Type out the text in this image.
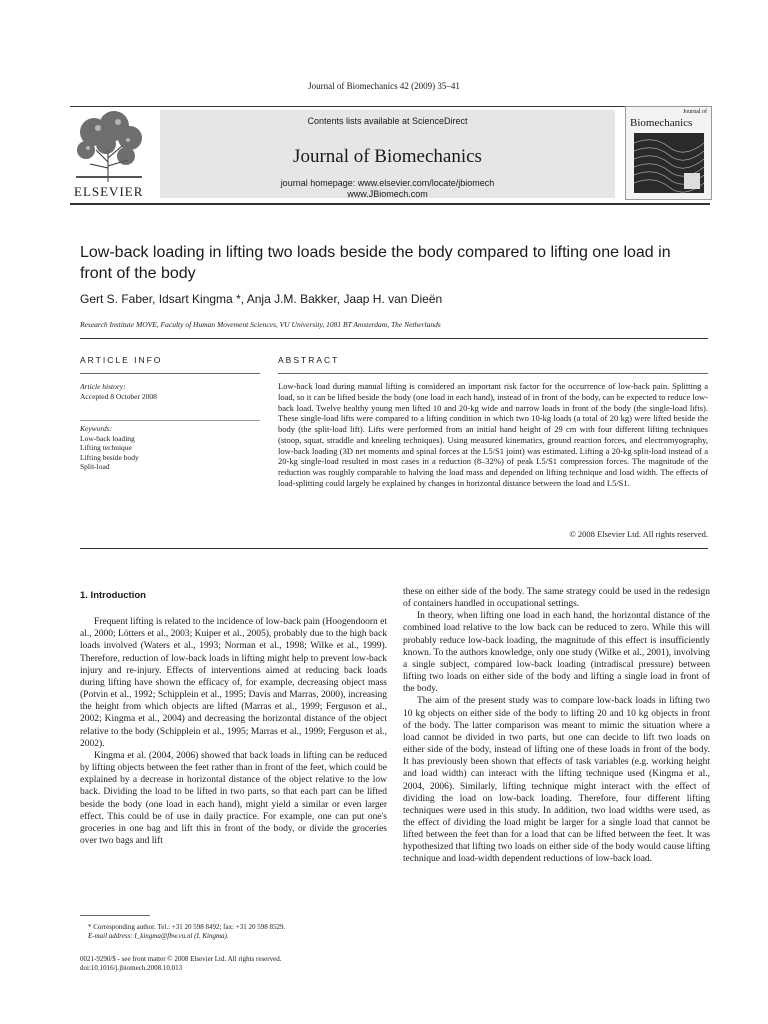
Journal of Biomechanics 42 (2009) 35–41
ELSEVIER
Contents lists available at ScienceDirect
Journal of Biomechanics
journal homepage: www.elsevier.com/locate/jbiomech
www.JBiomech.com
Journal of
Biomechanics
Low-back loading in lifting two loads beside the body compared to lifting one load in front of the body
Gert S. Faber, Idsart Kingma *, Anja J.M. Bakker, Jaap H. van Dieën
Research Institute MOVE, Faculty of Human Movement Sciences, VU University, 1081 BT Amsterdam, The Netherlands
ARTICLE INFO	ABSTRACT
Article history:
Accepted 8 October 2008
Keywords:
Low-back loading
Lifting technique
Lifting beside body
Split-load
Low-back load during manual lifting is considered an important risk factor for the occurrence of low-back pain. Splitting a load, so it can be lifted beside the body (one load in each hand), instead of in front of the body, can be expected to reduce low-back load. Twelve healthy young men lifted 10 and 20-kg wide and narrow loads in front of the body (the single-load lifts). These single-load lifts were compared to a lifting condition in which two 10-kg loads (a total of 20 kg) were lifted beside the body (the split-load lift). Lifts were performed from an initial hand height of 29 cm with four different lifting techniques (stoop, squat, straddle and kneeling techniques). Using measured kinematics, ground reaction forces, and electromyography, low-back loading (3D net moments and spinal forces at the L5/S1 joint) was estimated. Lifting a 20-kg split-load instead of a 20-kg single-load resulted in most cases in a reduction (8–32%) of peak L5/S1 compression forces. The magnitude of the reduction was roughly comparable to halving the load mass and depended on lifting technique and load width. The effects of load-splitting could largely be explained by changes in horizontal distance between the load and L5/S1.
© 2008 Elsevier Ltd. All rights reserved.

1. Introduction

Frequent lifting is related to the incidence of low-back pain (Hoogendoorn et al., 2000; Lötters et al., 2003; Kuiper et al., 2005), probably due to the high back loads involved (Waters et al., 1993; Norman et al., 1998; Wilke et al., 1999). Therefore, reduction of low-back loads in lifting might help to prevent low-back injury and re-injury. Effects of interventions aimed at reducing back loads during lifting have shown the efficacy of, for example, decreasing object mass (Potvin et al., 1992; Schipplein et al., 1995; Davis and Marras, 2000), increasing the height from which objects are lifted (Marras et al., 1999; Ferguson et al., 2002; Kingma et al., 2004) and decreasing the horizontal distance of the object relative to the body (Schipplein et al., 1995; Marras et al., 1999; Ferguson et al., 2002).

Kingma et al. (2004, 2006) showed that back loads in lifting can be reduced by lifting objects between the feet rather than in front of the feet, which could be explained by a decrease in horizontal distance of the object relative to the low back. Dividing the load to be lifted in two parts, so that each part can be lifted beside the body (one load in each hand), might yield a similar or even larger effect. This could be of use in daily practice. For example, one can put one's groceries in one bag and lift this in front of the body, or divide the groceries over two bags and lift

these on either side of the body. The same strategy could be used in the redesign of containers handled in occupational settings.

In theory, when lifting one load in each hand, the horizontal distance of the combined load relative to the low back can be reduced to zero. While this will probably reduce low-back loading, the magnitude of this effect is insufficiently known. To the authors knowledge, only one study (Wilke et al., 2001), involving a single subject, compared low-back loading (intradiscal pressure) between lifting two loads on either side of the body and lifting a single load in front of the body.

The aim of the present study was to compare low-back loads in lifting two 10 kg objects on either side of the body to lifting 20 and 10 kg objects in front of the body. The latter comparison was meant to mimic the situation where a load cannot be divided in two parts, but one can decide to lift two loads on either side of the body, instead of lifting one of these loads in front of the body. It has previously been shown that effects of task variables (e.g. working height and load width) can interact with the lifting technique used (Kingma et al., 2004, 2006). Similarly, lifting technique might interact with the effect of dividing the load on low-back loading. Therefore, four different lifting techniques were used in this study. In addition, two load widths were used, as the effect of dividing the load might be larger for a single load that cannot be lifted between the feet than for a load that can be lifted between the feet. It was hypothesized that lifting two loads on either side of the body would cause lifting technique and load-width dependent reductions of low-back load.

* Corresponding author. Tel.: +31 20 598 8492; fax: +31 20 598 8529.
E-mail address: I_kingma@fbw.vu.nl (I. Kingma).
0021-9290/$ - see front matter © 2008 Elsevier Ltd. All rights reserved.
doi:10.1016/j.jbiomech.2008.10.013
